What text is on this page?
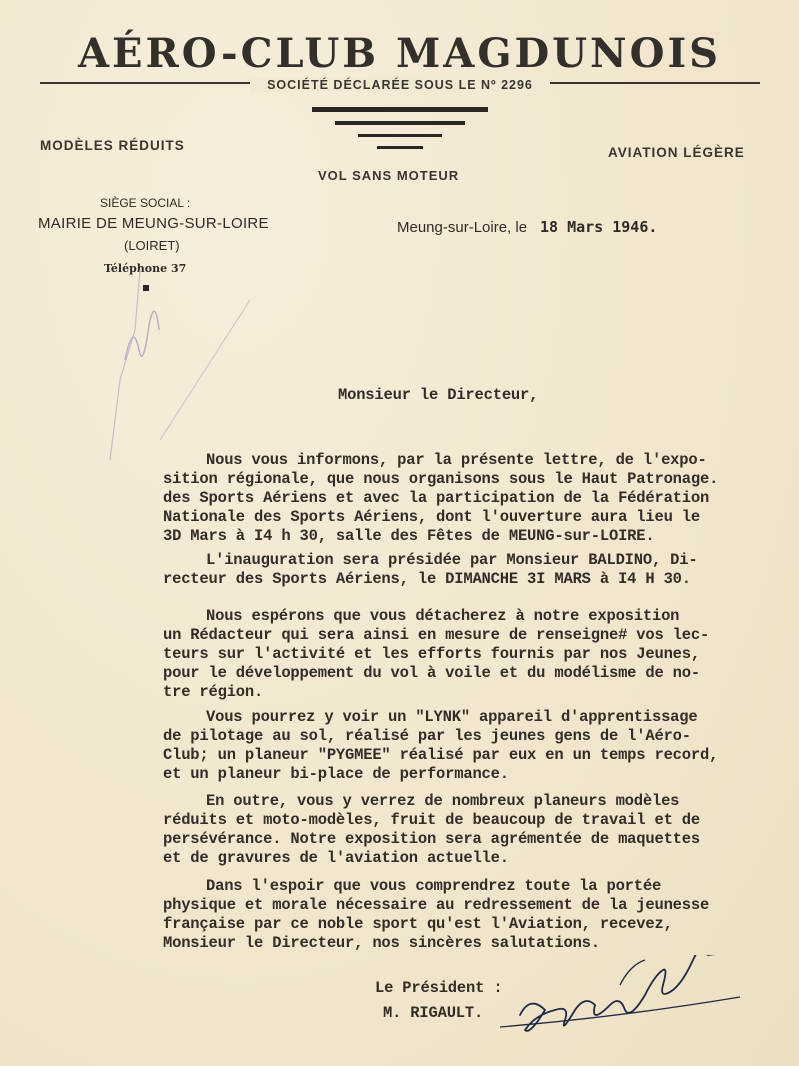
AÉRO-CLUB MAGDUNOIS
SOCIÉTÉ DÉCLARÉE SOUS LE Nº 2296
MODÈLES RÉDUITS	AVIATION LÉGÈRE
VOL SANS MOTEUR
SIÈGE SOCIAL :
MAIRIE DE MEUNG-SUR-LOIRE
(LOIRET)
Téléphone 37
Meung-sur-Loire, le 18 Mars 1946.
Monsieur le Directeur,
Nous vous informons, par la présente lettre, de l'expo-
sition régionale, que nous organisons sous le Haut Patronage.
des Sports Aériens et avec la participation de la Fédération
Nationale des Sports Aériens, dont l'ouverture aura lieu le
3D Mars à I4 h 30, salle des Fêtes de MEUNG-sur-LOIRE.
L'inauguration sera présidée par Monsieur BALDINO, Di-
recteur des Sports Aériens, le DIMANCHE 3I MARS à I4 H 30.
Nous espérons que vous détacherez à notre exposition
un Rédacteur qui sera ainsi en mesure de renseigne# vos lec-
teurs sur l'activité et les efforts fournis par nos Jeunes,
pour le développement du vol à voile et du modélisme de no-
tre région.
Vous pourrez y voir un "LYNK" appareil d'apprentissage
de pilotage au sol, réalisé par les jeunes gens de l'Aéro-
Club; un planeur "PYGMEE" réalisé par eux en un temps record,
et un planeur bi-place de performance.
En outre, vous y verrez de nombreux planeurs modèles
réduits et moto-modèles, fruit de beaucoup de travail et de
persévérance. Notre exposition sera agrémentée de maquettes
et de gravures de l'aviation actuelle.
Dans l'espoir que vous comprendrez toute la portée
physique et morale nécessaire au redressement de la jeunesse
française par ce noble sport qu'est l'Aviation, recevez,
Monsieur le Directeur, nos sincères salutations.
Le Président :
M. RIGAULT.
